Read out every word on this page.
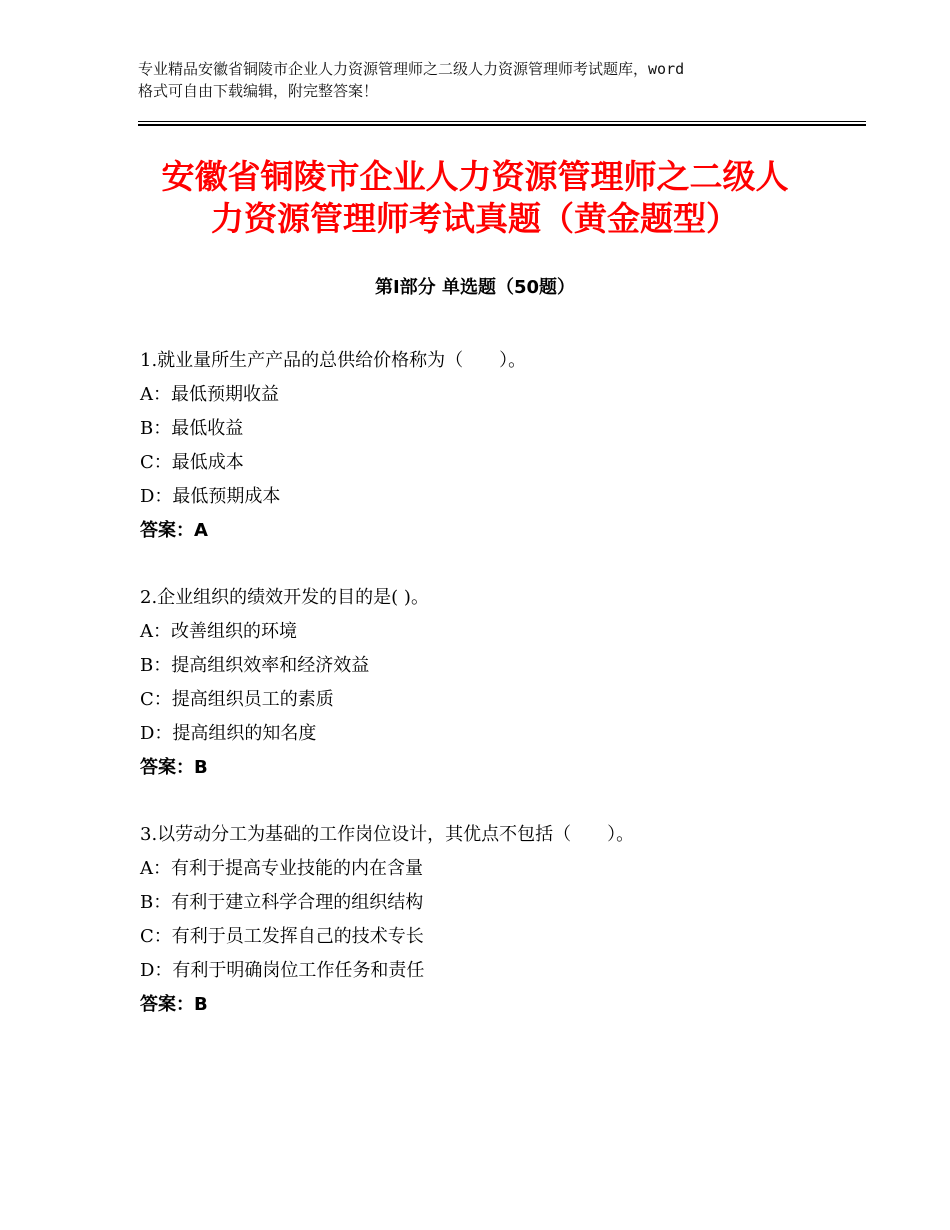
专业精品安徽省铜陵市企业人力资源管理师之二级人力资源管理师考试题库，word
格式可自由下载编辑，附完整答案！
安徽省铜陵市企业人力资源管理师之二级人
力资源管理师考试真题（黄金题型）
第Ⅰ部分 单选题（50题）
1.就业量所生产产品的总供给价格称为（　　）。
A：最低预期收益
B：最低收益
C：最低成本
D：最低预期成本
答案：A
2.企业组织的绩效开发的目的是( )。
A：改善组织的环境
B：提高组织效率和经济效益
C：提高组织员工的素质
D：提高组织的知名度
答案：B
3.以劳动分工为基础的工作岗位设计，其优点不包括（　　）。
A：有利于提高专业技能的内在含量
B：有利于建立科学合理的组织结构
C：有利于员工发挥自己的技术专长
D：有利于明确岗位工作任务和责任
答案：B
